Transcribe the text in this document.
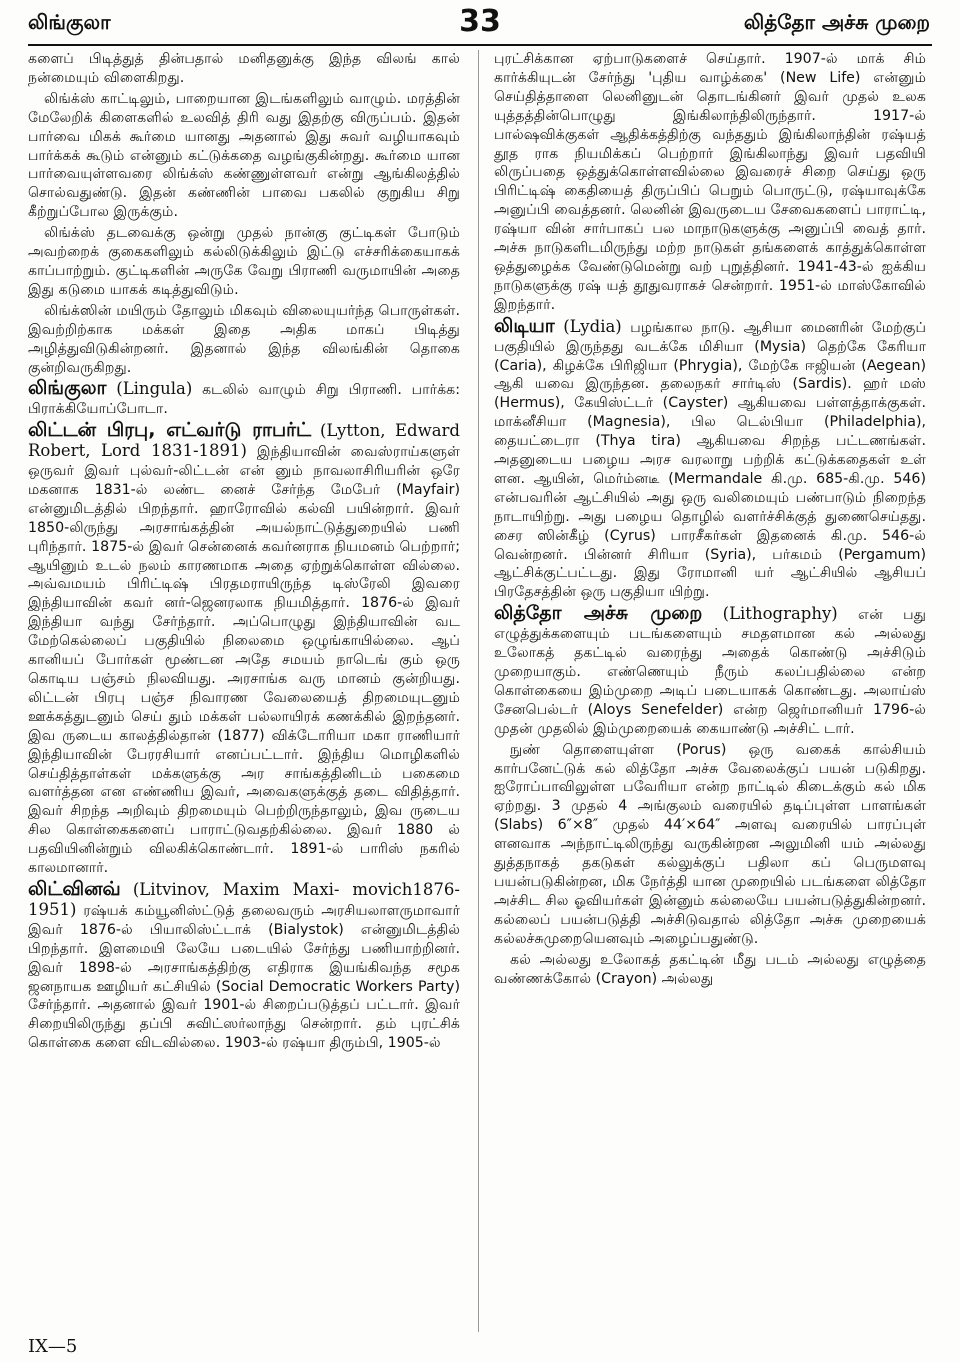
லிங்குலா	33	லித்தோ அச்சு முறை

களைப் பிடித்துத் தின்பதால் மனிதனுக்கு இந்த விலங் கால் நன்மையும் விளைகிறது.

லிங்க்ஸ் காட்டிலும், பாறையான இடங்களிலும் வாழும். மரத்தின் மேலேறிக் கிளைகளில் உலவித் திரி வது இதற்கு விருப்பம். இதன் பார்வை மிகக் கூர்மை யானது அதனால் இது சுவர் வழியாகவும் பார்க்கக் கூடும் என்னும் கட்டுக்கதை வழங்குகின்றது. கூர்மை யான பார்வையுள்ளவரை லிங்க்ஸ் கண்ணுள்ளவர் என்று ஆங்கிலத்தில் சொல்வதுண்டு. இதன் கண்ணின் பாவை பகலில் குறுகிய சிறு கீற்றுப்போல இருக்கும்.

லிங்க்ஸ் தடவைக்கு ஒன்று முதல் நான்கு குட்டிகள் போடும் அவற்றைக் குகைகளிலும் கல்லிடுக்கிலும் இட்டு எச்சரிக்கையாகக் காப்பாற்றும். குட்டிகளின் அருகே வேறு பிராணி வருமாயின் அதை இது கடுமை யாகக் கடித்துவிடும்.

லிங்க்ஸின் மயிரும் தோலும் மிகவும் விலையுயர்ந்த பொருள்கள். இவற்றிற்காக மக்கள் இதை அதிக மாகப் பிடித்து அழித்துவிடுகின்றனர். இதனால் இந்த விலங்கின் தொகை குன்றிவருகிறது.

லிங்குலா (Lingula) கடலில் வாழும் சிறு பிராணி. பார்க்க: பிராக்கியோப்போடா.

லிட்டன் பிரபு, எட்வர்டு ராபர்ட் (Lytton, Edward Robert, Lord 1831-1891) இந்தியாவின் வைஸ்ராய்களுள் ஒருவர் இவர் புல்வர்-லிட்டன் என் னும் நாவலாசிரியரின் ஒரே மகனாக 1831-ல் லண்ட னைச் சேர்ந்த மேபேர் (Mayfair) என்னுமிடத்தில் பிறந்தார். ஹாரோவில் கல்வி பயின்றார். இவர் 1850-லிருந்து அரசாங்கத்தின் அயல்நாட்டுத்துறையில் பணி புரிந்தார். 1875-ல் இவர் சென்னைக் கவர்னராக நியமனம் பெற்றார்; ஆயினும் உடல் நலம் காரணமாக அதை ஏற்றுக்கொள்ள வில்லை. அவ்வமயம் பிரிட்டிஷ் பிரதமராயிருந்த டிஸ்ரேலி இவரை இந்தியாவின் கவர் னர்-ஜெனரலாக நியமித்தார். 1876-ல் இவர் இந்தியா வந்து சேர்ந்தார். அப்பொழுது இந்தியாவின் வட மேற்கெல்லைப் பகுதியில் நிலைமை ஒழுங்காயில்லை. ஆப் கானியப் போர்கள் மூண்டன அதே சமயம் நாடெங் கும் ஒரு கொடிய பஞ்சம் நிலவியது. அரசாங்க வரு மானம் குன்றியது. லிட்டன் பிரபு பஞ்ச நிவாரண வேலையைத் திறமையுடனும் ஊக்கத்துடனும் செய் தும் மக்கள் பல்லாயிரக் கணக்கில் இறந்தனர். இவ ருடைய காலத்தில்தான் (1877) விக்டோரியா மகா ராணியார் இந்தியாவின் பேரரசியார் எனப்பட்டார். இந்திய மொழிகளில் செய்தித்தாள்கள் மக்களுக்கு அர சாங்கத்தினிடம் பகைமை வளர்த்தன என எண்ணிய இவர், அவைகளுக்குத் தடை விதித்தார். இவர் சிறந்த அறிவும் திறமையும் பெற்றிருந்தாலும், இவ ருடைய சில கொள்கைகளைப் பாராட்டுவதற்கில்லை. இவர் 1880 ல் பதவியினின்றும் விலகிக்கொண்டார். 1891-ல் பாரிஸ் நகரில் காலமானார்.

லிட்வினவ் (Litvinov, Maxim Maxi- movich1876-1951) ரஷ்யக் கம்யூனிஸ்ட்டுத் தலைவரும் அரசியலாளருமாவார் இவர் 1876-ல் பியாலிஸ்ட்டாக் (Bialystok) என்னுமிடத்தில் பிறந்தார். இளமையி லேயே படையில் சேர்ந்து பணியாற்றினர். இவர் 1898-ல் அரசாங்கத்திற்கு எதிராக இயங்கிவந்த சமூக ஜனநாயக ஊழியர் கட்சியில் (Social Democratic Workers Party) சேர்ந்தார். அதனால் இவர் 1901-ல் சிறைப்படுத்தப் பட்டார். இவர் சிறையிலிருந்து தப்பி சுவிட்ஸர்லாந்து சென்றார். தம் புரட்சிக் கொள்கை களை விடவில்லை. 1903-ல் ரஷ்யா திரும்பி, 1905-ல்

புரட்சிக்கான ஏற்பாடுகளைச் செய்தார். 1907-ல் மாக் சிம் கார்க்கியுடன் சேர்ந்து 'புதிய வாழ்க்கை' (New Life) என்னும் செய்தித்தாளை லெனினுடன் தொடங்கினர் இவர் முதல் உலக யுத்தத்தின்பொழுது இங்கிலாந்திலிருந்தார். 1917-ல் பால்ஷவிக்குகள் ஆதிக்கத்திற்கு வந்ததும் இங்கிலாந்தின் ரஷ்யத் தூத ராக நியமிக்கப் பெற்றார் இங்கிலாந்து இவர் பதவியி லிருப்பதை ஒத்துக்கொள்ளவில்லை இவரைச் சிறை செய்து ஒரு பிரிட்டிஷ் கைதியைத் திருப்பிப் பெறும் பொருட்டு, ரஷ்யாவுக்கே அனுப்பி வைத்தனர். லெனின் இவருடைய சேவைகளைப் பாராட்டி, ரஷ்யா வின் சார்பாகப் பல மாநாடுகளுக்கு அனுப்பி வைத் தார். அச்சு நாடுகளிடமிருந்து மற்ற நாடுகள் தங்களைக் காத்துக்கொள்ள ஒத்துழைக்க வேண்டுமென்று வற் புறுத்தினர். 1941-43-ல் ஐக்கிய நாடுகளுக்கு ரஷ் யத் தூதுவராகச் சென்றார். 1951-ல் மாஸ்கோவில் இறந்தார்.

லிடியா (Lydia) பழங்கால நாடு. ஆசியா மைனரின் மேற்குப் பகுதியில் இருந்தது வடக்கே மிசியா (Mysia) தெற்கே கேரியா (Caria), கிழக்கே பிரிஜியா (Phrygia), மேற்கே ஈஜியன் (Aegean) ஆகி யவை இருந்தன. தலைநகர் சார்டிஸ் (Sardis). ஹர் மஸ் (Hermus), கேயிஸ்ட்டர் (Cayster) ஆகியவை பள்ளத்தாக்குகள். மாக்னீசியா (Magnesia), பில டெல்பியா (Philadelphia), தையட்டைரா (Thya tira) ஆகியவை சிறந்த பட்டணங்கள். அதனுடைய பழைய அரச வரலாறு பற்றிக் கட்டுக்கதைகள் உள் ளன. ஆயின், மெர்ம்னடீ (Mermandale கி.மு. 685-கி.மு. 546) என்பவரின் ஆட்சியில் அது ஒரு வலிமையும் பண்பாடும் நிறைந்த நாடாயிற்று. அது பழைய தொழில் வளர்ச்சிக்குத் துணைசெய்தது. சைர ஸின்கீழ் (Cyrus) பாரசீகர்கள் இதனைக் கி.மு. 546-ல் வென்றனர். பின்னர் சிரியா (Syria), பர்கமம் (Pergamum) ஆட்சிக்குட்பட்டது. இது ரோமானி யர் ஆட்சியில் ஆசியப் பிரதேசத்தின் ஒரு பகுதியா யிற்று.

லித்தோ அச்சு முறை (Lithography) என் பது எழுத்துக்களையும் படங்களையும் சமதளமான கல் அல்லது உலோகத் தகட்டில் வரைந்து அதைக் கொண்டு அச்சிடும் முறையாகும். எண்ணெயும் நீரும் கலப்பதில்லை என்ற கொள்கையை இம்முறை அடிப் படையாகக் கொண்டது. அலாய்ஸ் சேனபெல்டர் (Aloys Senefelder) என்ற ஜெர்மானியர் 1796-ல் முதன் முதலில் இம்முறையைக் கையாண்டு அச்சிட் டார்.

நுண் தொளையுள்ள (Porus) ஒரு வகைக் கால்சியம் கார்பனேட்டுக் கல் லித்தோ அச்சு வேலைக்குப் பயன் படுகிறது. ஐரோப்பாவிலுள்ள பவேரியா என்ற நாட்டில் கிடைக்கும் கல் மிக ஏற்றது. 3 முதல் 4 அங்குலம் வரையில் தடிப்புள்ள பாளங்கள் (Slabs) 6″×8″ முதல் 44′×64″ அளவு வரையில் பாரப்புள் ளனவாக அந்நாட்டிலிருந்து வருகின்றன அலுமினி யம் அல்லது துத்தநாகத் தகடுகள் கல்லுக்குப் பதிலா கப் பெருமளவு பயன்படுகின்றன, மிக நேர்த்தி யான முறையில் படங்களை லித்தோ அச்சிட சில ஓவியர்கள் இன்னும் கல்லையே பயன்படுத்துகின்றனர். கல்லைப் பயன்படுத்தி அச்சிடுவதால் லித்தோ அச்சு முறையைக் கல்லச்சுமுறையெனவும் அழைப்பதுண்டு.

கல் அல்லது உலோகத் தகட்டின் மீது படம் அல்லது எழுத்தை வண்ணக்கோல் (Crayon) அல்லது

IX—5
